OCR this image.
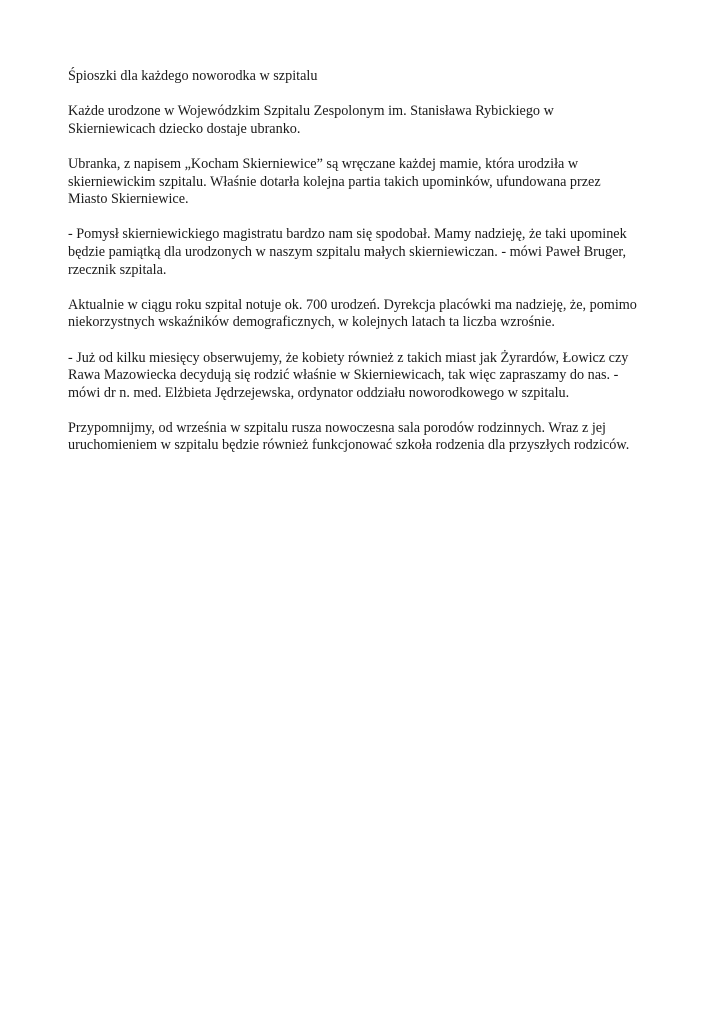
Śpioszki dla każdego noworodka w szpitalu

Każde urodzone w Wojewódzkim Szpitalu Zespolonym im. Stanisława Rybickiego w
Skierniewicach dziecko dostaje ubranko.

Ubranka, z napisem „Kocham Skierniewice” są wręczane każdej mamie, która urodziła w
skierniewickim szpitalu. Właśnie dotarła kolejna partia takich upominków, ufundowana przez
Miasto Skierniewice.

- Pomysł skierniewickiego magistratu bardzo nam się spodobał. Mamy nadzieję, że taki upominek
będzie pamiątką dla urodzonych w naszym szpitalu małych skierniewiczan. - mówi Paweł Bruger,
rzecznik szpitala.

Aktualnie w ciągu roku szpital notuje ok. 700 urodzeń. Dyrekcja placówki ma nadzieję, że, pomimo
niekorzystnych wskaźników demograficznych, w kolejnych latach ta liczba wzrośnie.

- Już od kilku miesięcy obserwujemy, że kobiety również z takich miast jak Żyrardów, Łowicz czy
Rawa Mazowiecka decydują się rodzić właśnie w Skierniewicach, tak więc zapraszamy do nas. -
mówi dr n. med. Elżbieta Jędrzejewska, ordynator oddziału noworodkowego w szpitalu.

Przypomnijmy, od września w szpitalu rusza nowoczesna sala porodów rodzinnych. Wraz z jej
uruchomieniem w szpitalu będzie również funkcjonować szkoła rodzenia dla przyszłych rodziców.
